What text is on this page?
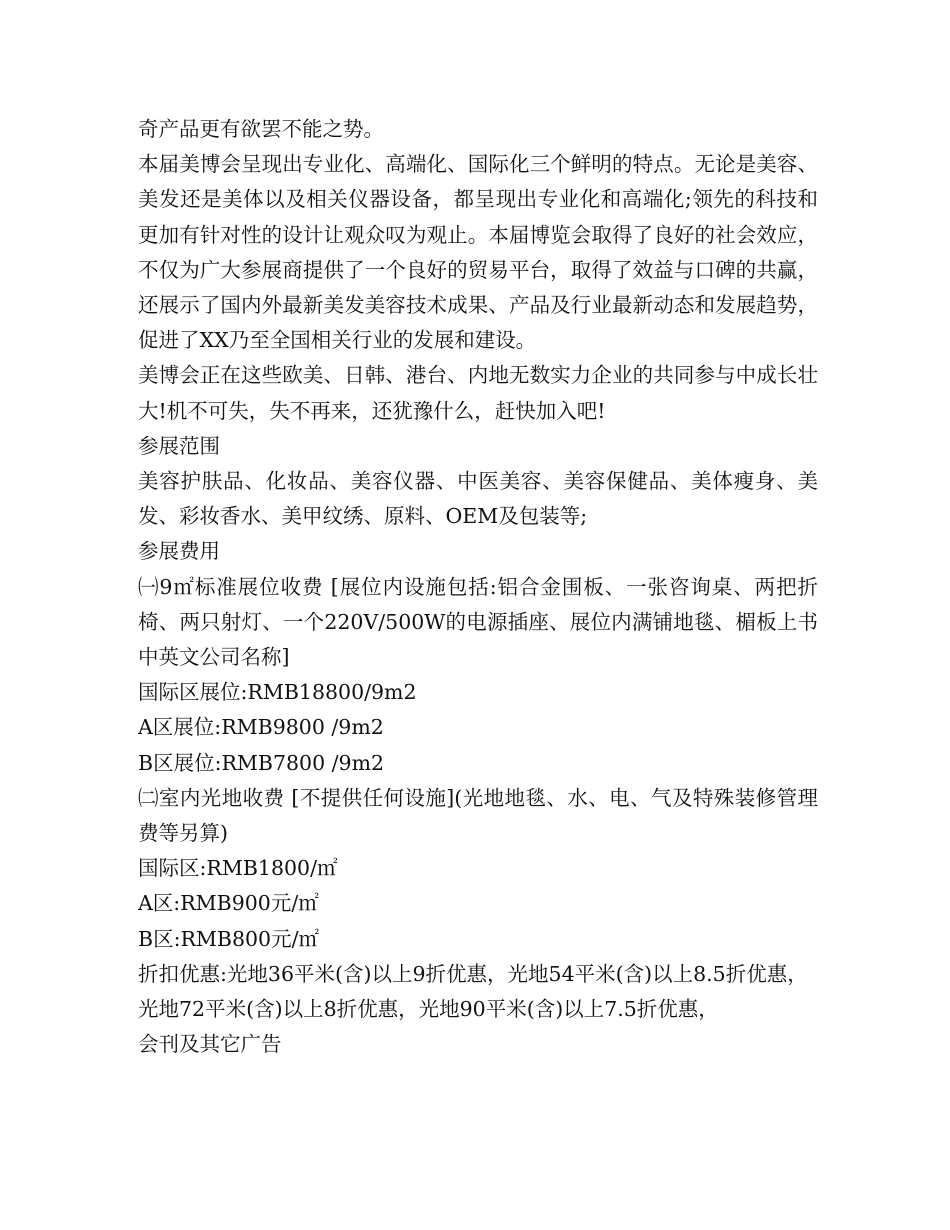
奇产品更有欲罢不能之势。

本届美博会呈现出专业化、高端化、国际化三个鲜明的特点。无论是美容、美发还是美体以及相关仪器设备，都呈现出专业化和高端化;领先的科技和更加有针对性的设计让观众叹为观止。本届博览会取得了良好的社会效应，不仅为广大参展商提供了一个良好的贸易平台，取得了效益与口碑的共赢，还展示了国内外最新美发美容技术成果、产品及行业最新动态和发展趋势，促进了XX乃至全国相关行业的发展和建设。

美博会正在这些欧美、日韩、港台、内地无数实力企业的共同参与中成长壮大!机不可失，失不再来，还犹豫什么，赶快加入吧!

参展范围

美容护肤品、化妆品、美容仪器、中医美容、美容保健品、美体瘦身、美发、彩妆香水、美甲纹绣、原料、OEM及包装等;

参展费用

㈠9㎡标准展位收费 [展位内设施包括:铝合金围板、一张咨询桌、两把折椅、两只射灯、一个220V/500W的电源插座、展位内满铺地毯、楣板上书中英文公司名称]

国际区展位:RMB18800/9m2

A区展位:RMB9800 /9m2

B区展位:RMB7800 /9m2

㈡室内光地收费 [不提供任何设施](光地地毯、水、电、气及特殊装修管理费等另算)

国际区:RMB1800/㎡

A区:RMB900元/㎡

B区:RMB800元/㎡

折扣优惠:光地36平米(含)以上9折优惠，光地54平米(含)以上8.5折优惠，

光地72平米(含)以上8折优惠，光地90平米(含)以上7.5折优惠，

会刊及其它广告
